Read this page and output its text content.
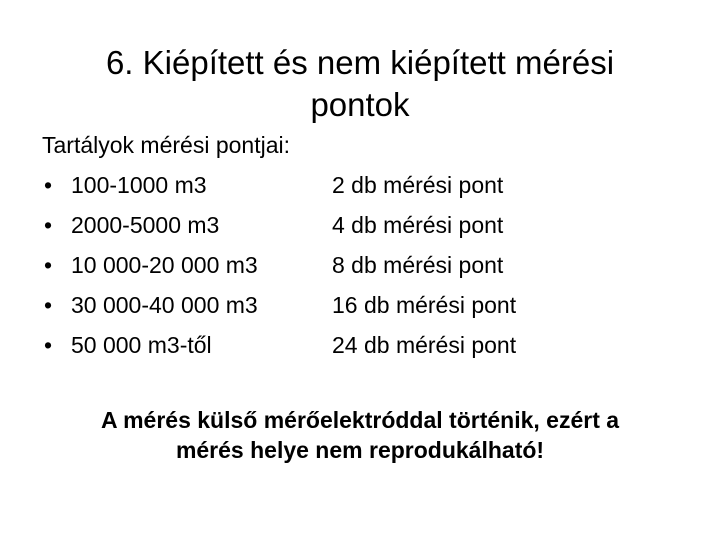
6. Kiépített és nem kiépített mérési
pontok
Tartályok mérési pontjai:
• 100-1000 m3	2 db mérési pont
• 2000-5000 m3	4 db mérési pont
• 10 000-20 000 m3	8 db mérési pont
• 30 000-40 000 m3	16 db mérési pont
• 50 000 m3-től	24 db mérési pont
A mérés külső mérőelektróddal történik, ezért a
mérés helye nem reprodukálható!
